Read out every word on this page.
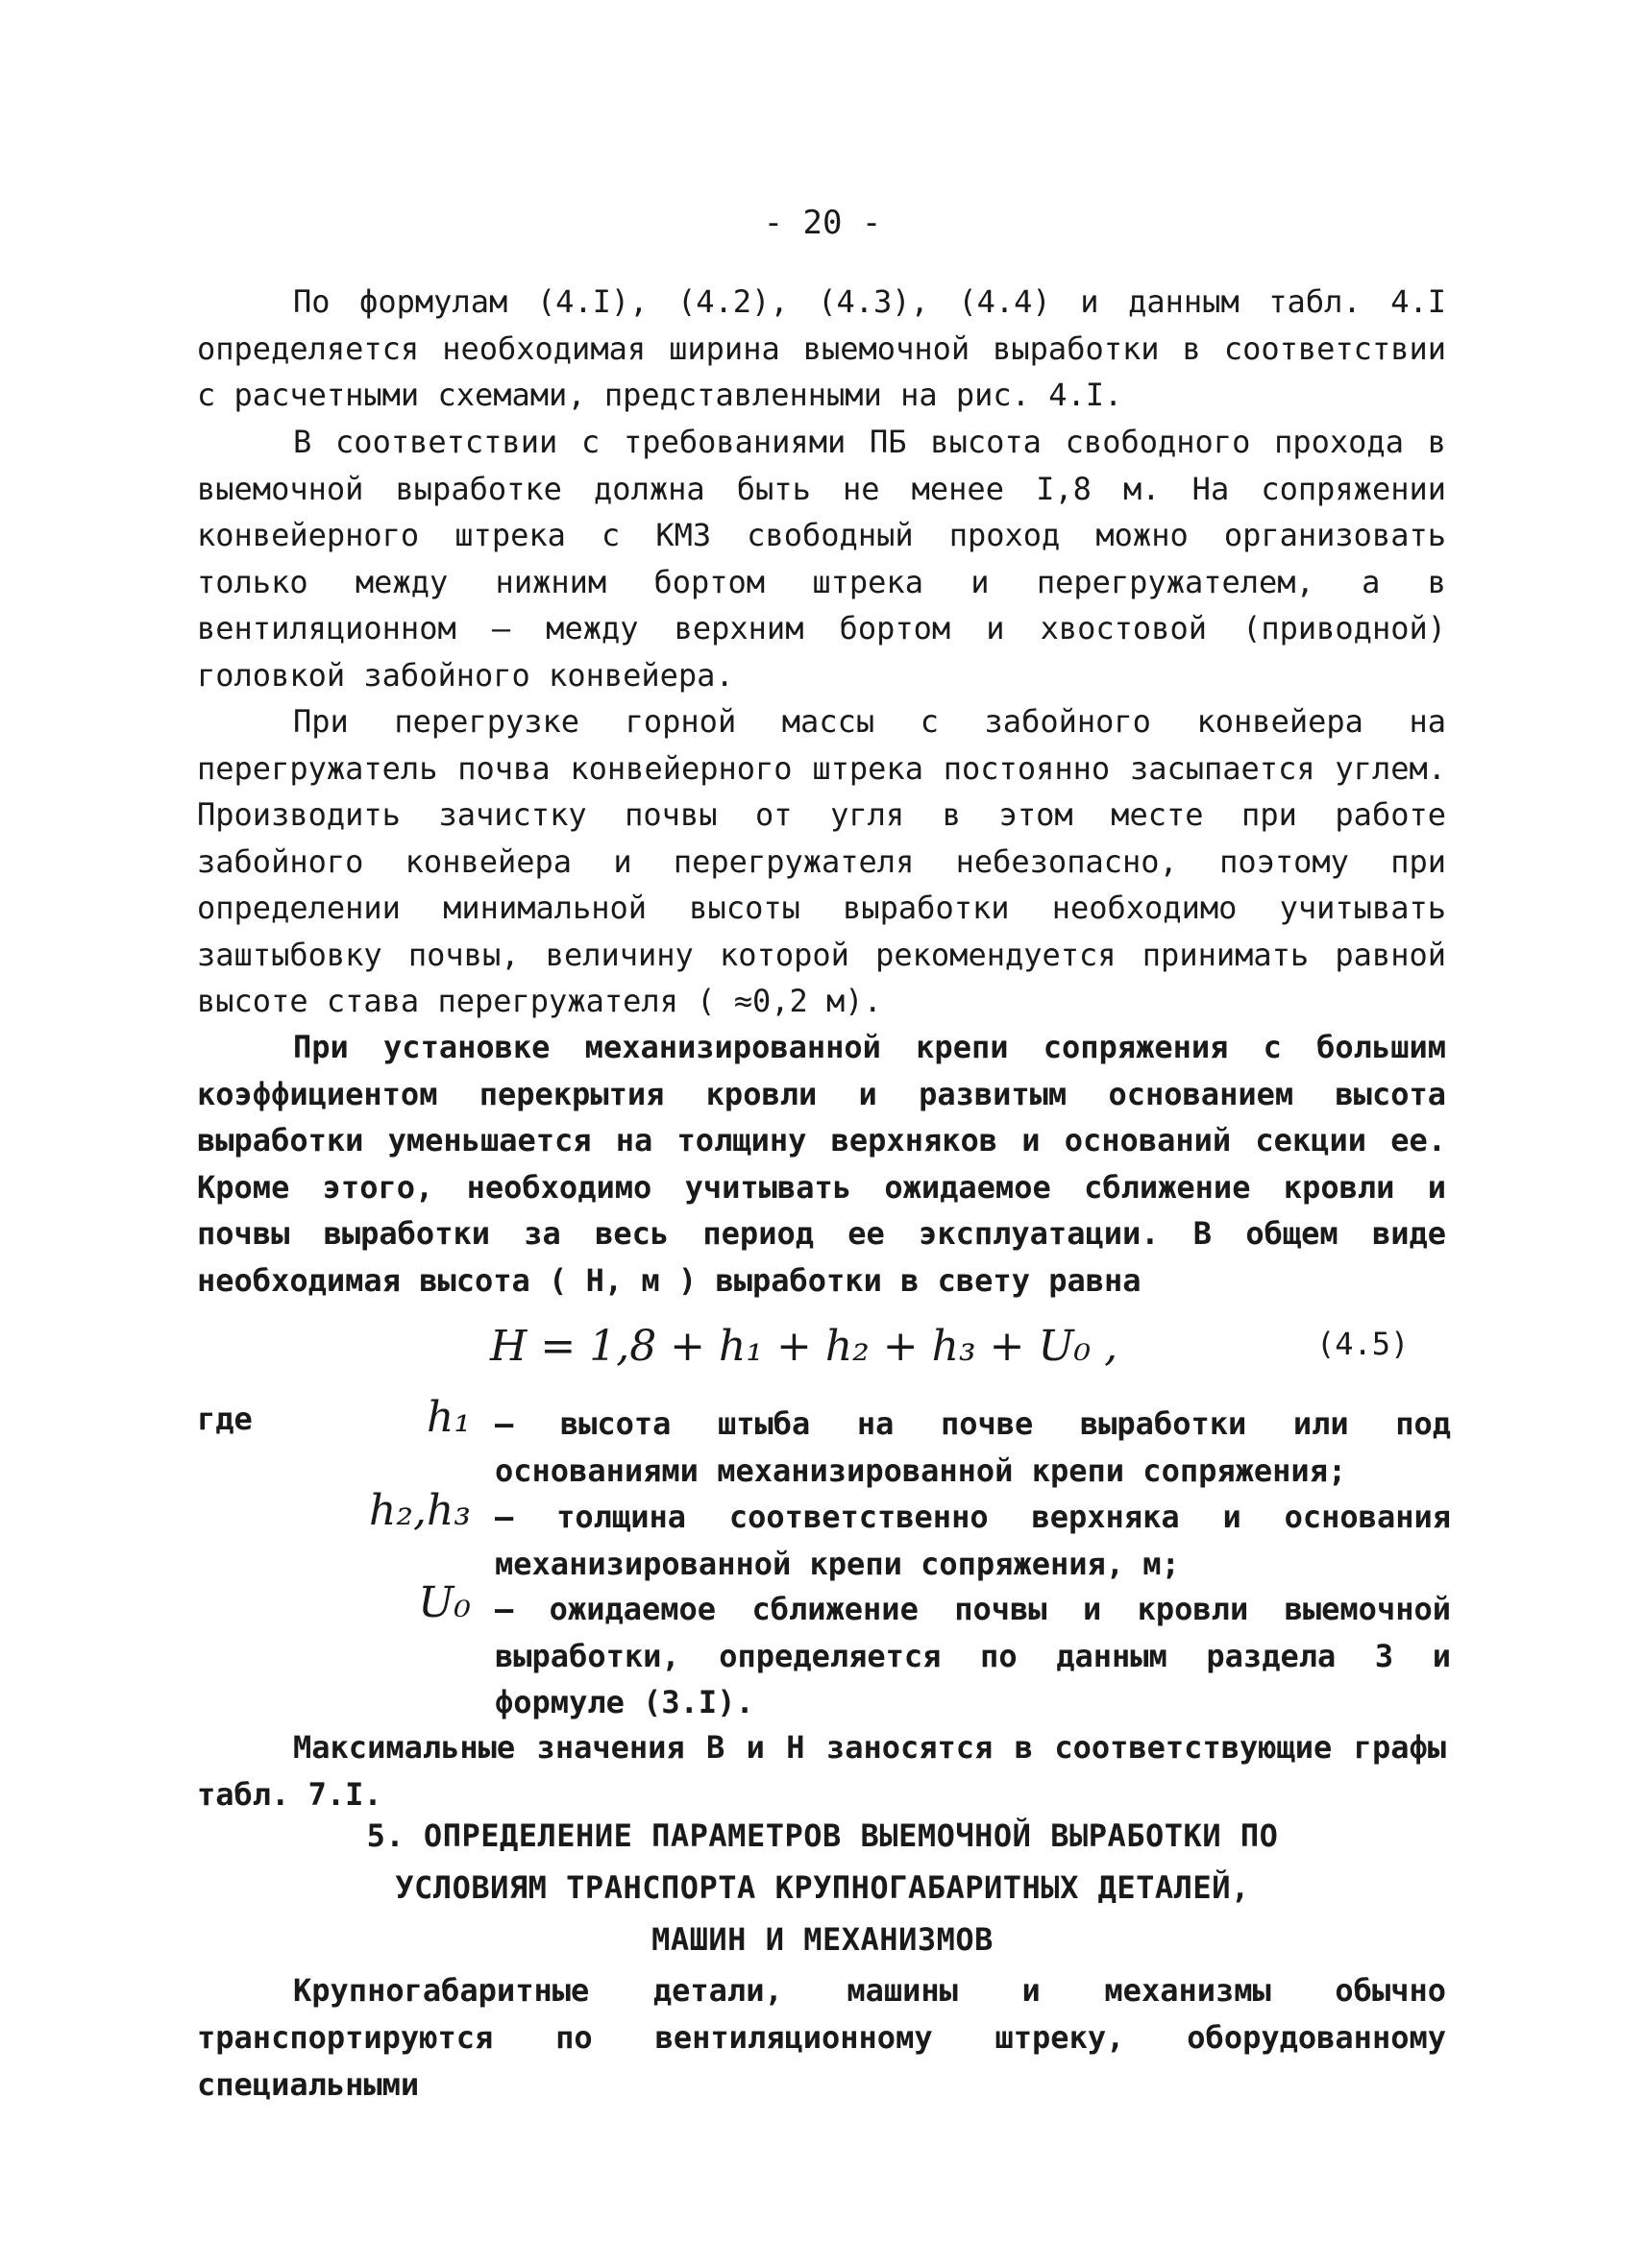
- 20 -

По формулам (4.I), (4.2), (4.3), (4.4) и данным табл. 4.I определяется необходимая ширина выемочной выработки в соответствии с расчетными схемами, представленными на рис. 4.I.

В соответствии с требованиями ПБ высота свободного прохода в выемочной выработке должна быть не менее I,8 м. На сопряжении конвейерного штрека с КМЗ свободный проход можно организовать только между нижним бортом штрека и перегружателем, а в вентиляционном – между верхним бортом и хвостовой (приводной) головкой забойного конвейера.

При перегрузке горной массы с забойного конвейера на перегружатель почва конвейерного штрека постоянно засыпается углем. Производить зачистку почвы от угля в этом месте при работе забойного конвейера и перегружателя небезопасно, поэтому при определении минимальной высоты выработки необходимо учитывать заштыбовку почвы, величину которой рекомендуется принимать равной высоте става перегружателя ( ≈0,2 м).

При установке механизированной крепи сопряжения с большим коэффициентом перекрытия кровли и развитым основанием высота выработки уменьшается на толщину верхняков и оснований секции ее. Кроме этого, необходимо учитывать ожидаемое сближение кровли и почвы выработки за весь период ее эксплуатации. В общем виде необходимая высота ( H, м ) выработки в свету равна

H = 1,8 + h₁ + h₂ + h₃ + U₀ ,	(4.5)
где	h₁ – высота штыба на почве выработки или под основаниями механизированной крепи сопряжения;
h₂,h₃ – толщина соответственно верхняка и основания механизированной крепи сопряжения, м;
U₀ – ожидаемое сближение почвы и кровли выемочной выработки, определяется по данным раздела 3 и формуле (3.I).

Максимальные значения В и Н заносятся в соответствующие графы табл. 7.I.

5. ОПРЕДЕЛЕНИЕ ПАРАМЕТРОВ ВЫЕМОЧНОЙ ВЫРАБОТКИ ПО
УСЛОВИЯМ ТРАНСПОРТА КРУПНОГАБАРИТНЫХ ДЕТАЛЕЙ,
МАШИН И МЕХАНИЗМОВ

Крупногабаритные детали, машины и механизмы обычно транспортируются по вентиляционному штреку, оборудованному специальными
